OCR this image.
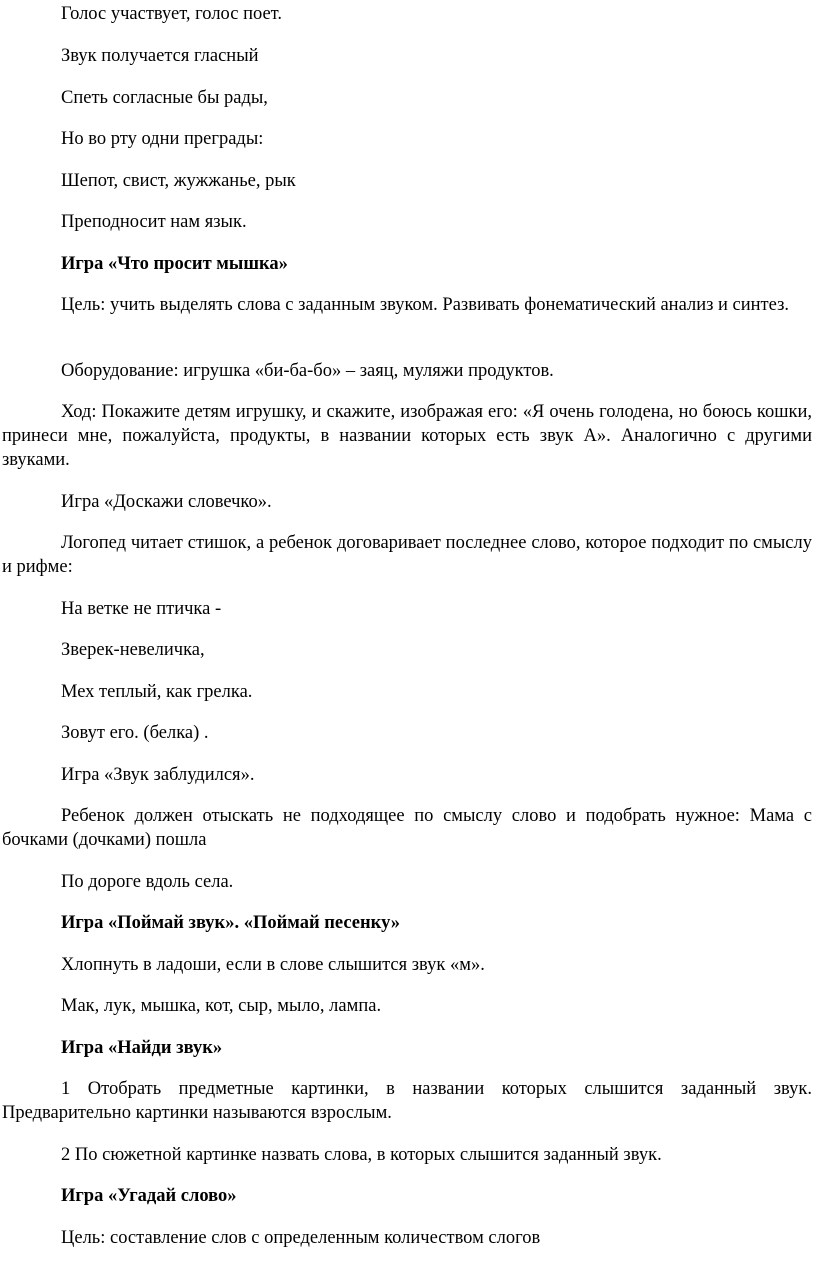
Голос участвует, голос поет.

Звук получается гласный

Спеть согласные бы рады,

Но во рту одни преграды:

Шепот, свист, жужжанье, рык

Преподносит нам язык.

Игра «Что просит мышка»

Цель: учить выделять слова с заданным звуком. Развивать фонематический анализ и синтез.

Оборудование: игрушка «би-ба-бо» – заяц, муляжи продуктов.

Ход: Покажите детям игрушку, и скажите, изображая его: «Я очень голодена, но боюсь кошки, принеси мне, пожалуйста, продукты, в названии которых есть звук А». Аналогично с другими звуками.

Игра «Доскажи словечко».

Логопед читает стишок, а ребенок договаривает последнее слово, которое подходит по смыслу и рифме:

На ветке не птичка -

Зверек-невеличка,

Мех теплый, как грелка.

Зовут его. (белка) .

Игра «Звук заблудился».

Ребенок должен отыскать не подходящее по смыслу слово и подобрать нужное: Мама с бочками (дочками) пошла

По дороге вдоль села.

Игра «Поймай звук». «Поймай песенку»

Хлопнуть в ладоши, если в слове слышится звук «м».

Мак, лук, мышка, кот, сыр, мыло, лампа.

Игра «Найди звук»

1 Отобрать предметные картинки, в названии которых слышится заданный звук. Предварительно картинки называются взрослым.

2 По сюжетной картинке назвать слова, в которых слышится заданный звук.

Игра «Угадай слово»

Цель: составление слов с определенным количеством слогов
